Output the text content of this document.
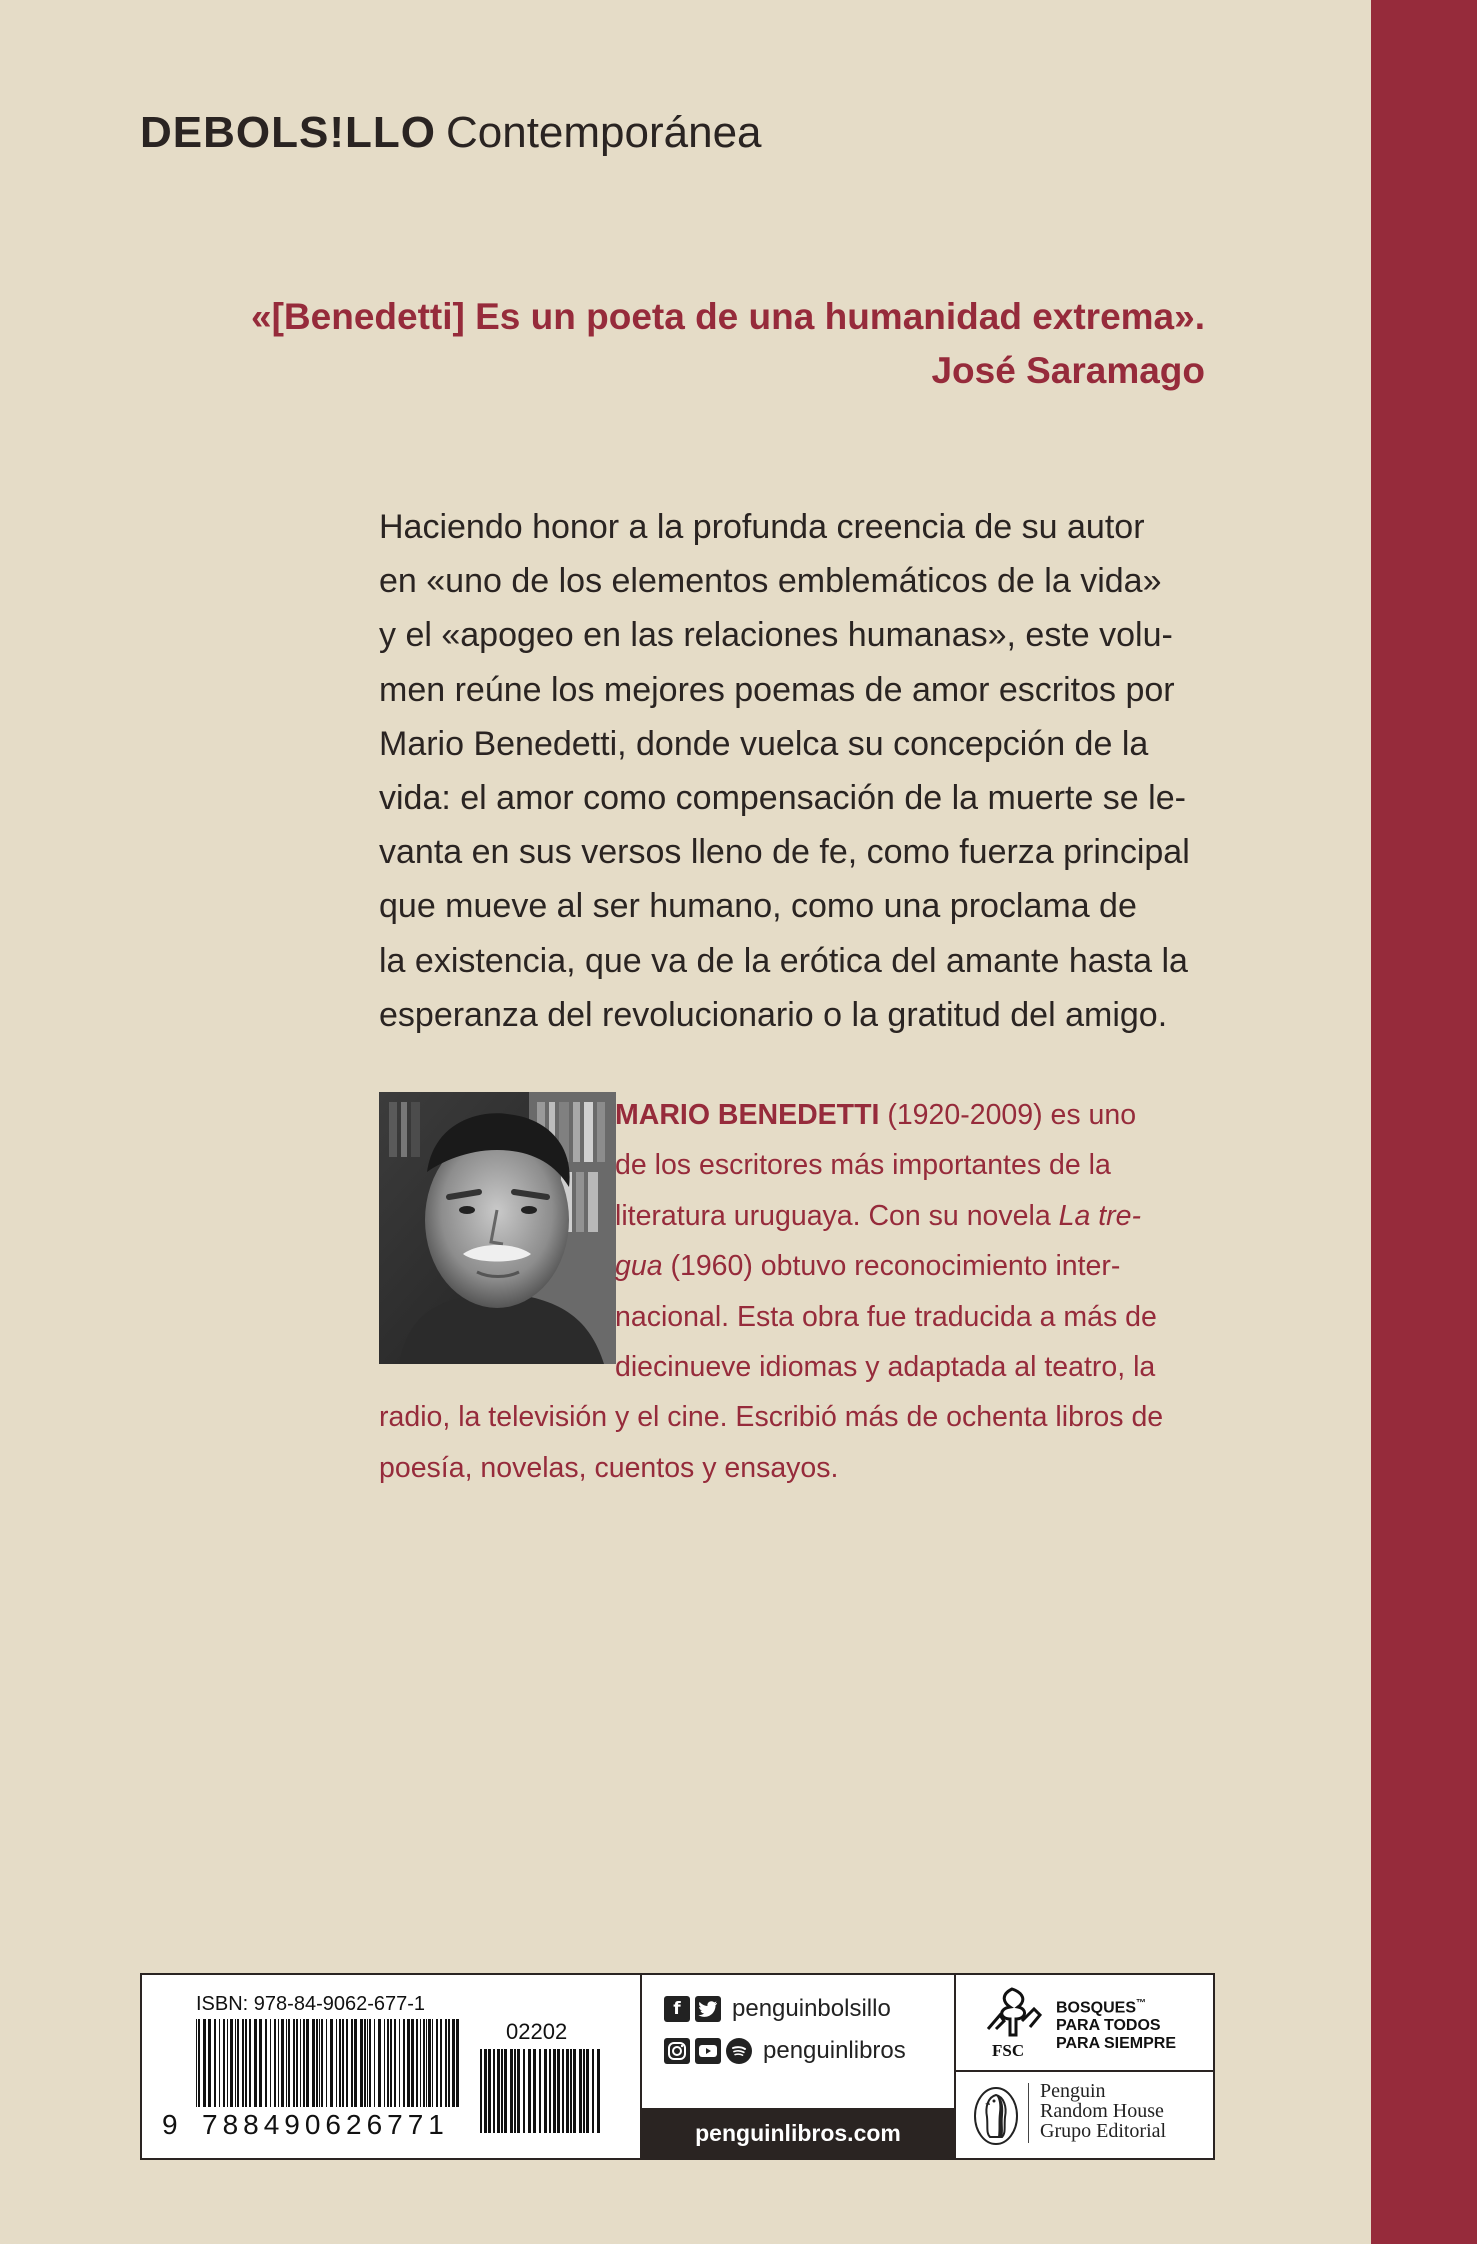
DEBOLS!LLO Contemporánea
«[Benedetti] Es un poeta de una humanidad extrema».
José Saramago

Haciendo honor a la profunda creencia de su autor
en «uno de los elementos emblemáticos de la vida»
y el «apogeo en las relaciones humanas», este volu-
men reúne los mejores poemas de amor escritos por
Mario Benedetti, donde vuelca su concepción de la
vida: el amor como compensación de la muerte se le-
vanta en sus versos lleno de fe, como fuerza principal
que mueve al ser humano, como una proclama de
la existencia, que va de la erótica del amante hasta la
esperanza del revolucionario o la gratitud del amigo.

MARIO BENEDETTI (1920-2009) es uno
de los escritores más importantes de la
literatura uruguaya. Con su novela La tre-
gua (1960) obtuvo reconocimiento inter-
nacional. Esta obra fue traducida a más de
diecinueve idiomas y adaptada al teatro, la
radio, la televisión y el cine. Escribió más de ochenta libros de
poesía, novelas, cuentos y ensayos.

ISBN: 978-84-9062-677-1
02202
9 788490626771
f	penguinbolsillo
penguinlibros
penguinlibros.com
FSC
BOSQUES™
PARA TODOS
PARA SIEMPRE
Penguin
Random House
Grupo Editorial
